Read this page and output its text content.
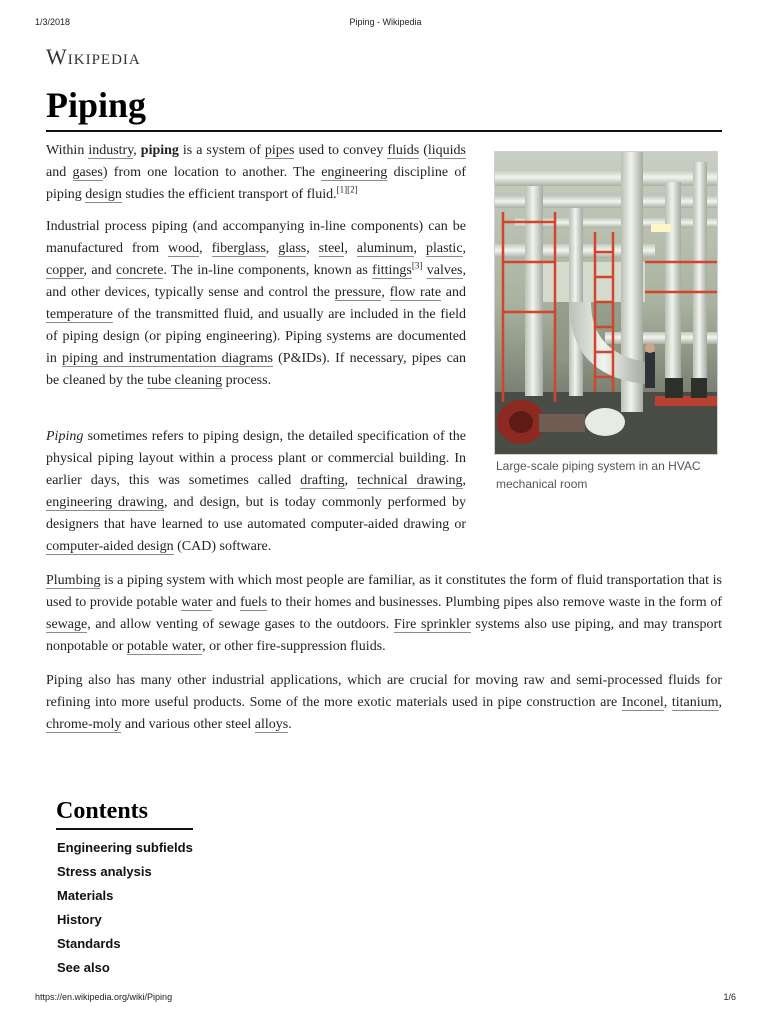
1/3/2018	Piping - Wikipedia
Wikipedia
Piping

Within industry, piping is a system of pipes used to convey fluids (liquids and gases) from one location to another. The engineering discipline of piping design studies the efficient transport of fluid.[1][2]

Industrial process piping (and accompanying in-line components) can be manufactured from wood, fiberglass, glass, steel, aluminum, plastic, copper, and concrete. The in-line components, known as fittings[3] valves, and other devices, typically sense and control the pressure, flow rate and temperature of the transmitted fluid, and usually are included in the field of piping design (or piping engineering). Piping systems are documented in piping and instrumentation diagrams (P&IDs). If necessary, pipes can be cleaned by the tube cleaning process.

Piping sometimes refers to piping design, the detailed specification of the physical piping layout within a process plant or commercial building. In earlier days, this was sometimes called drafting, technical drawing, engineering drawing, and design, but is today commonly performed by designers that have learned to use automated computer-aided drawing or computer-aided design (CAD) software.

Plumbing is a piping system with which most people are familiar, as it constitutes the form of fluid transportation that is used to provide potable water and fuels to their homes and businesses. Plumbing pipes also remove waste in the form of sewage, and allow venting of sewage gases to the outdoors. Fire sprinkler systems also use piping, and may transport nonpotable or potable water, or other fire-suppression fluids.

Piping also has many other industrial applications, which are crucial for moving raw and semi-processed fluids for refining into more useful products. Some of the more exotic materials used in pipe construction are Inconel, titanium, chrome-moly and various other steel alloys.

Large-scale piping system in an HVAC mechanical room
Contents
Engineering subfields
Stress analysis
Materials
History
Standards
See also
https://en.wikipedia.org/wiki/Piping	1/6
